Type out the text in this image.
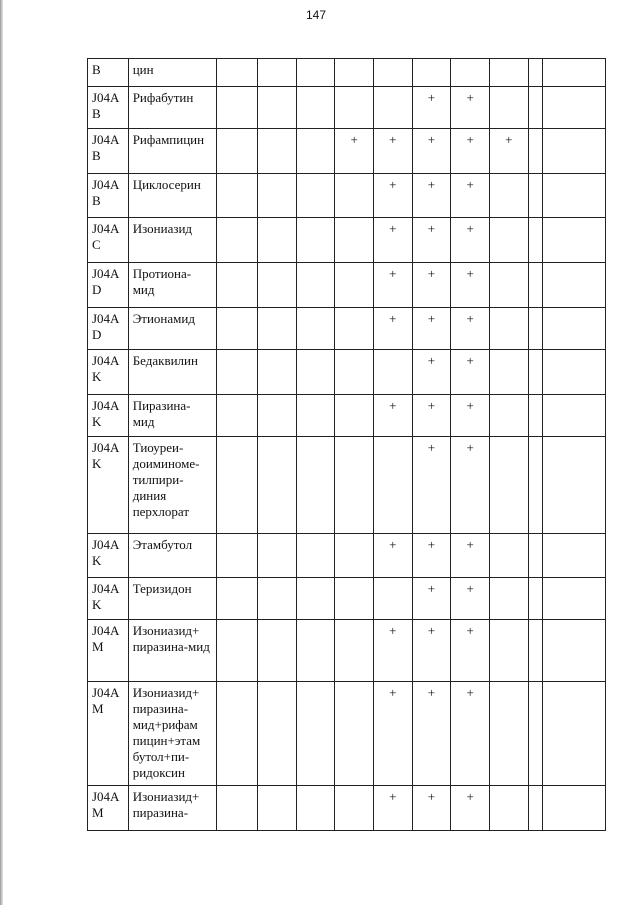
147
B	цин										
J04A B	Рифабутин						+	+			
J04A B	Рифампицин				+	+	+	+	+		
J04A B	Циклосерин					+	+	+			
J04A C	Изониазид					+	+	+			
J04A D	Протиона-мид					+	+	+			
J04A D	Этионамид					+	+	+			
J04A K	Бедаквилин						+	+			
J04A K	Пиразина-мид					+	+	+			
J04A K	Тиоуреи-доиминоме-тилпири-диния перхлорат						+	+			
J04A K	Этамбутол					+	+	+			
J04A K	Теризидон						+	+			
J04A M	Изониазид+ пиразина-мид					+	+	+			
J04A M	Изониазид+ пиразина-мид+рифам пицин+этам бутол+пи-ридоксин					+	+	+			
J04A M	Изониазид+ пиразина-					+	+	+			
